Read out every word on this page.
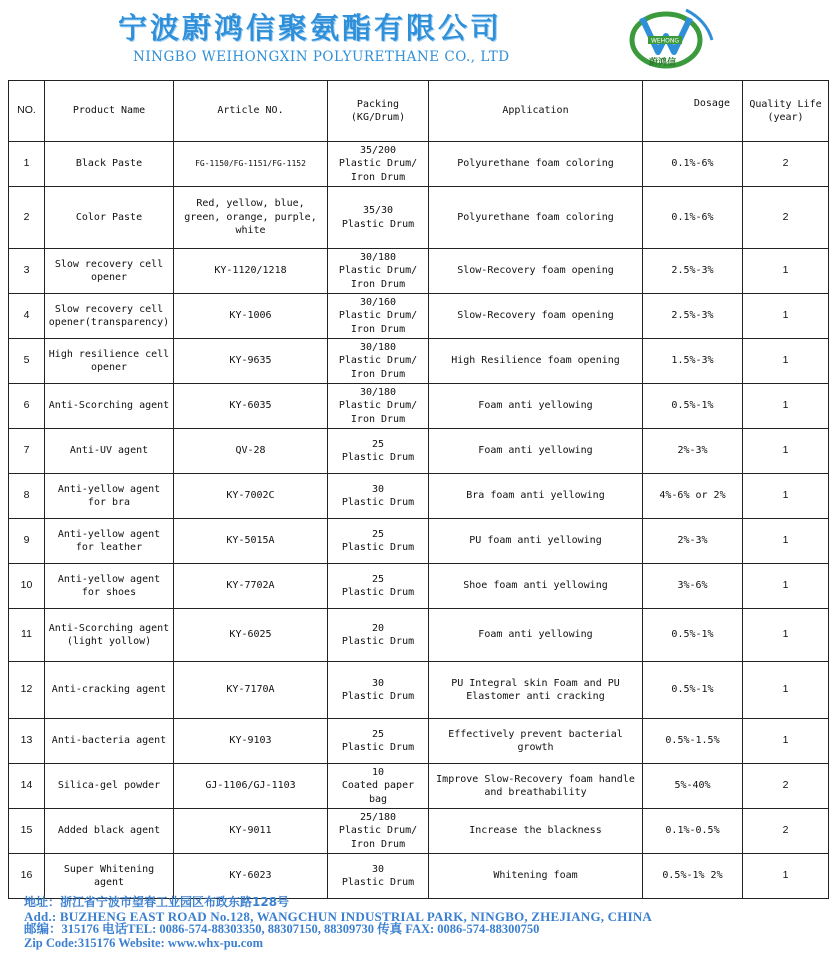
宁波蔚鸿信聚氨酯有限公司
NINGBO WEIHONGXIN POLYURETHANE CO., LTD
WEHONG
蔚鸿信
NO.	Product Name	Article NO.	Packing
(KG/Drum)	Application	Dosage	Quality Life
(year)
1	Black Paste	FG-1150/FG-1151/FG-1152	35/200
Plastic Drum/
Iron Drum	Polyurethane foam coloring	0.1%-6%	2
2	Color Paste	Red, yellow, blue,
green, orange, purple,
white	35/30
Plastic Drum	Polyurethane foam coloring	0.1%-6%	2
3	Slow recovery cell
opener	KY-1120/1218	30/180
Plastic Drum/
Iron Drum	Slow-Recovery foam opening	2.5%-3%	1
4	Slow recovery cell
opener(transparency)	KY-1006	30/160
Plastic Drum/
Iron Drum	Slow-Recovery foam opening	2.5%-3%	1
5	High resilience cell
opener	KY-9635	30/180
Plastic Drum/
Iron Drum	High Resilience foam opening	1.5%-3%	1
6	Anti-Scorching agent	KY-6035	30/180
Plastic Drum/
Iron Drum	Foam anti yellowing	0.5%-1%	1
7	Anti-UV agent	QV-28	25
Plastic Drum	Foam anti yellowing	2%-3%	1
8	Anti-yellow agent
for bra	KY-7002C	30
Plastic Drum	Bra foam anti yellowing	4%-6% or 2%	1
9	Anti-yellow agent
for leather	KY-5015A	25
Plastic Drum	PU foam anti yellowing	2%-3%	1
10	Anti-yellow agent
for shoes	KY-7702A	25
Plastic Drum	Shoe foam anti yellowing	3%-6%	1
11	Anti-Scorching agent
(light yollow)	KY-6025	20
Plastic Drum	Foam anti yellowing	0.5%-1%	1
12	Anti-cracking agent	KY-7170A	30
Plastic Drum	PU Integral skin Foam and PU
Elastomer anti cracking	0.5%-1%	1
13	Anti-bacteria agent	KY-9103	25
Plastic Drum	Effectively prevent bacterial
growth	0.5%-1.5%	1
14	Silica-gel powder	GJ-1106/GJ-1103	10
Coated paper bag	Improve Slow-Recovery foam handle
and breathability	5%-40%	2
15	Added black agent	KY-9011	25/180
Plastic Drum/
Iron Drum	Increase the blackness	0.1%-0.5%	2
16	Super Whitening
agent	KY-6023	30
Plastic Drum	Whitening foam	0.5%-1% 2%	1
地址：浙江省宁波市望春工业园区布政东路128号
Add.: BUZHENG EAST ROAD No.128, WANGCHUN INDUSTRIAL PARK, NINGBO, ZHEJIANG, CHINA
邮编：315176 电话TEL: 0086-574-88303350, 88307150, 88309730 传真 FAX: 0086-574-88300750
Zip Code:315176 Website: www.whx-pu.com
